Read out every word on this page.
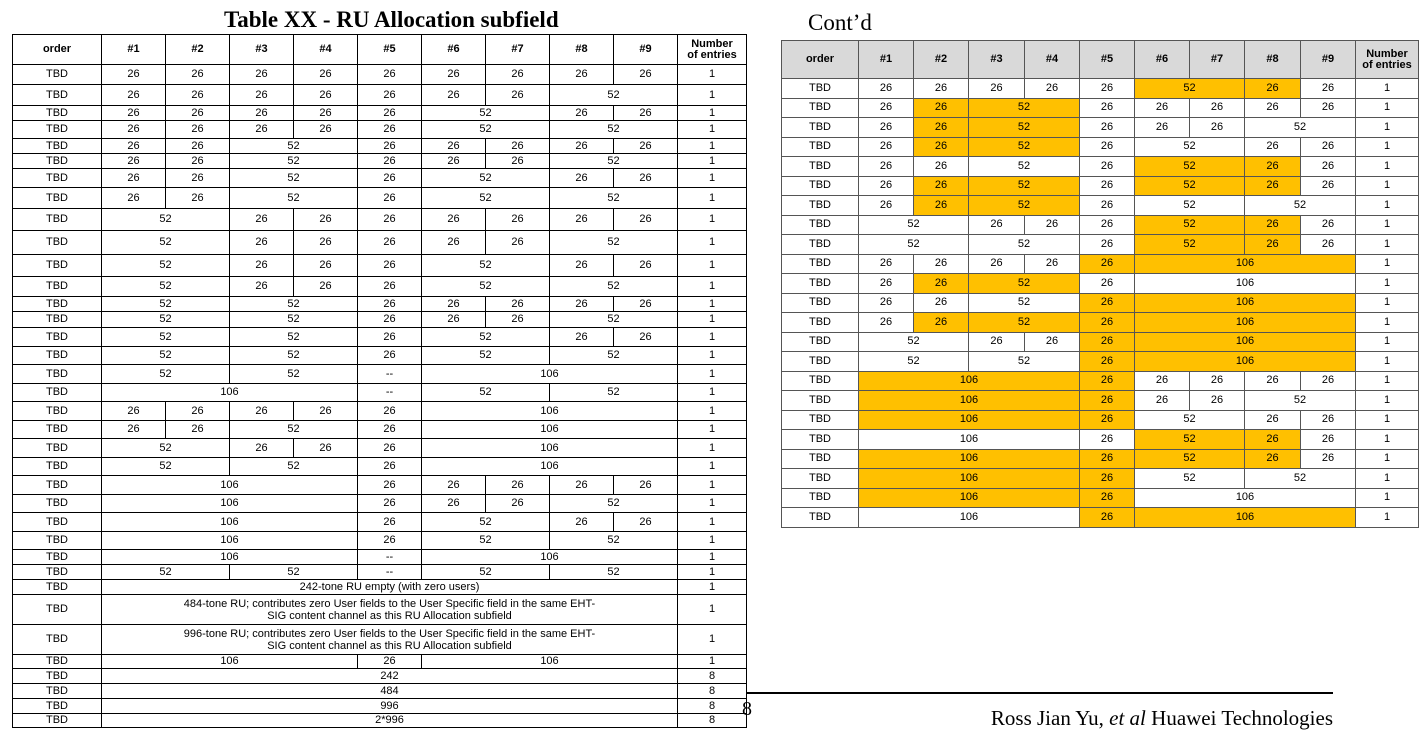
Table XX - RU Allocation subfield	Cont’d
order	#1	#2	#3	#4	#5	#6	#7	#8	#9	Number
of entries
TBD	26	26	26	26	26	26	26	26	26	1
TBD	26	26	26	26	26	26	26	52		1
TBD	26	26	26	26	26	52		26	26	1
TBD	26	26	26	26	26	52		52		1
TBD	26	26	52		26	26	26	26	26	1
TBD	26	26	52		26	26	26	52		1
TBD	26	26	52		26	52		26	26	1
TBD	26	26	52		26	52		52		1
TBD	52		26	26	26	26	26	26	26	1
TBD	52		26	26	26	26	26	52		1
TBD	52		26	26	26	52		26	26	1
TBD	52		26	26	26	52		52		1
TBD	52		52		26	26	26	26	26	1
TBD	52		52		26	26	26	52		1
TBD	52		52		26	52		26	26	1
TBD	52		52		26	52		52		1
TBD	52		52		--	106				1
TBD	106				--	52		52		1
TBD	26	26	26	26	26	106				1
TBD	26	26	52		26	106				1
TBD	52		26	26	26	106				1
TBD	52		52		26	106				1
TBD	106				26	26	26	26	26	1
TBD	106				26	26	26	52		1
TBD	106				26	52		26	26	1
TBD	106				26	52		52		1
TBD	106				--	106				1
TBD	52		52		--	52		52		1
TBD	242-tone RU empty (with zero users)									1
TBD	484-tone RU; contributes zero User fields to the User Specific field in the same EHT-SIG content channel as this RU Allocation subfield									1
TBD	996-tone RU; contributes zero User fields to the User Specific field in the same EHT-SIG content channel as this RU Allocation subfield									1
TBD	106				26	106				1
TBD	242									8
TBD	484									8
TBD	996									8
TBD	2*996									8
order	#1	#2	#3	#4	#5	#6	#7	#8	#9	Number
of entries
TBD	26	26	26	26	26	52		26	26	1
TBD	26	26	52		26	26	26	26	26	1
TBD	26	26	52		26	26	26	52		1
TBD	26	26	52		26	52		26	26	1
TBD	26	26	52		26	52		26	26	1
TBD	26	26	52		26	52		26	26	1
TBD	26	26	52		26	52		52		1
TBD	52		26	26	26	52		26	26	1
TBD	52		52		26	52		26	26	1
TBD	26	26	26	26	26	106				1
TBD	26	26	52		26	106				1
TBD	26	26	52		26	106				1
TBD	26	26	52		26	106				1
TBD	52		26	26	26	106				1
TBD	52		52		26	106				1
TBD	106				26	26	26	26	26	1
TBD	106				26	26	26	52		1
TBD	106				26	52		26	26	1
TBD	106				26	52		26	26	1
TBD	106				26	52		26	26	1
TBD	106				26	52		52		1
TBD	106				26	106				1
TBD	106				26	106				1
8	Ross Jian Yu, et al Huawei Technologies
